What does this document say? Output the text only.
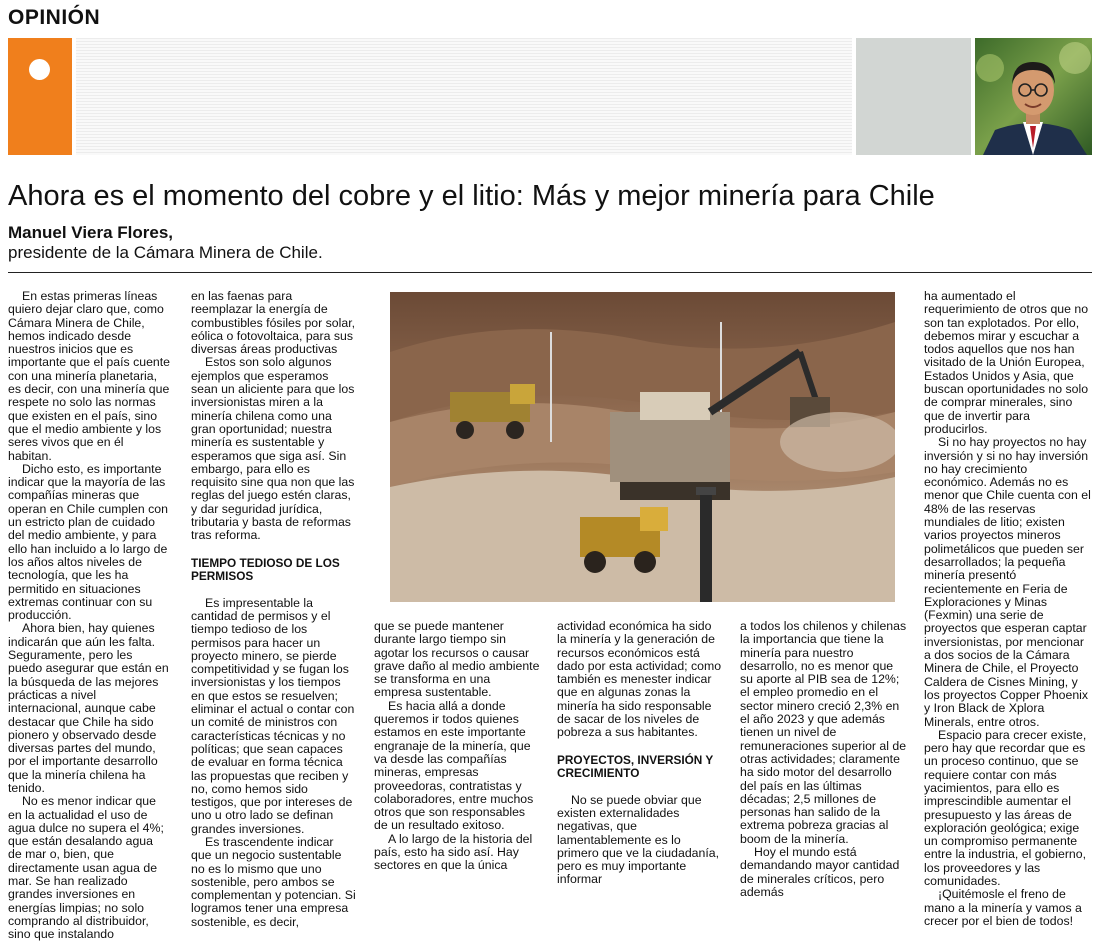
OPINIÓN
Ahora es el momento del cobre y el litio: Más y mejor minería para Chile
Manuel Viera Flores,
presidente de la Cámara Minera de Chile.

En estas primeras líneas quiero dejar claro que, como Cámara Minera de Chile, hemos indicado desde nuestros inicios que es importante que el país cuente con una minería planetaria, es decir, con una minería que respete no solo las normas que existen en el país, sino que el medio ambiente y los seres vivos que en él habitan.

Dicho esto, es importante indicar que la mayoría de las compañías mineras que operan en Chile cumplen con un estricto plan de cuidado del medio ambiente, y para ello han incluido a lo largo de los años altos niveles de tecnología, que les ha permitido en situaciones extremas continuar con su producción.

Ahora bien, hay quienes indicarán que aún les falta. Seguramente, pero les puedo asegurar que están en la búsqueda de las mejores prácticas a nivel internacional, aunque cabe destacar que Chile ha sido pionero y observado desde diversas partes del mundo, por el importante desarrollo que la minería chilena ha tenido.

No es menor indicar que en la actualidad el uso de agua dulce no supera el 4%; que están desalando agua de mar o, bien, que directamente usan agua de mar. Se han realizado grandes inversiones en energías limpias; no solo comprando al distribuidor, sino que instalando

en las faenas para reemplazar la energía de combustibles fósiles por solar, eólica o fotovoltaica, para sus diversas áreas productivas

Estos son solo algunos ejemplos que esperamos sean un aliciente para que los inversionistas miren a la minería chilena como una gran oportunidad; nuestra minería es sustentable y esperamos que siga así. Sin embargo, para ello es requisito sine qua non que las reglas del juego estén claras, y dar seguridad jurídica, tributaria y basta de reformas tras reforma.

TIEMPO TEDIOSO DE LOS PERMISOS

Es impresentable la cantidad de permisos y el tiempo tedioso de los permisos para hacer un proyecto minero, se pierde competitividad y se fugan los inversionistas y los tiempos en que estos se resuelven; eliminar el actual o contar con un comité de ministros con características técnicas y no políticas; que sean capaces de evaluar en forma técnica las propuestas que reciben y no, como hemos sido testigos, que por intereses de uno u otro lado se definan grandes inversiones.

Es trascendente indicar que un negocio sustentable no es lo mismo que uno sostenible, pero ambos se complementan y potencian. Si logramos tener una empresa sostenible, es decir,

que se puede mantener durante largo tiempo sin agotar los recursos o causar grave daño al medio ambiente se transforma en una empresa sustentable.

Es hacia allá a donde queremos ir todos quienes estamos en este importante engranaje de la minería, que va desde las compañías mineras, empresas proveedoras, contratistas y colaboradores, entre muchos otros que son responsables de un resultado exitoso.

A lo largo de la historia del país, esto ha sido así. Hay sectores en que la única

actividad económica ha sido la minería y la generación de recursos económicos está dado por esta actividad; como también es menester indicar que en algunas zonas la minería ha sido responsable de sacar de los niveles de pobreza a sus habitantes.

PROYECTOS, INVERSIÓN Y CRECIMIENTO

No se puede obviar que existen externalidades negativas, que lamentablemente es lo primero que ve la ciudadanía, pero es muy importante informar

a todos los chilenos y chilenas la importancia que tiene la minería para nuestro desarrollo, no es menor que su aporte al PIB sea de 12%; el empleo promedio en el sector minero creció 2,3% en el año 2023 y que además tienen un nivel de remuneraciones superior al de otras actividades; claramente ha sido motor del desarrollo del país en las últimas décadas; 2,5 millones de personas han salido de la extrema pobreza gracias al boom de la minería.

Hoy el mundo está demandando mayor cantidad de minerales críticos, pero además

ha aumentado el requerimiento de otros que no son tan explotados. Por ello, debemos mirar y escuchar a todos aquellos que nos han visitado de la Unión Europea, Estados Unidos y Asia, que buscan oportunidades no solo de comprar minerales, sino que de invertir para producirlos.

Si no hay proyectos no hay inversión y si no hay inversión no hay crecimiento económico. Además no es menor que Chile cuenta con el 48% de las reservas mundiales de litio; existen varios proyectos mineros polimetálicos que pueden ser desarrollados; la pequeña minería presentó recientemente en Feria de Exploraciones y Minas (Fexmin) una serie de proyectos que esperan captar inversionistas, por mencionar a dos socios de la Cámara Minera de Chile, el Proyecto Caldera de Cisnes Mining, y los proyectos Copper Phoenix y Iron Black de Xplora Minerals, entre otros.

Espacio para crecer existe, pero hay que recordar que es un proceso continuo, que se requiere contar con más yacimientos, para ello es imprescindible aumentar el presupuesto y las áreas de exploración geológica; exige un compromiso permanente entre la industria, el gobierno, los proveedores y las comunidades.

¡Quitémosle el freno de mano a la minería y vamos a crecer por el bien de todos!
